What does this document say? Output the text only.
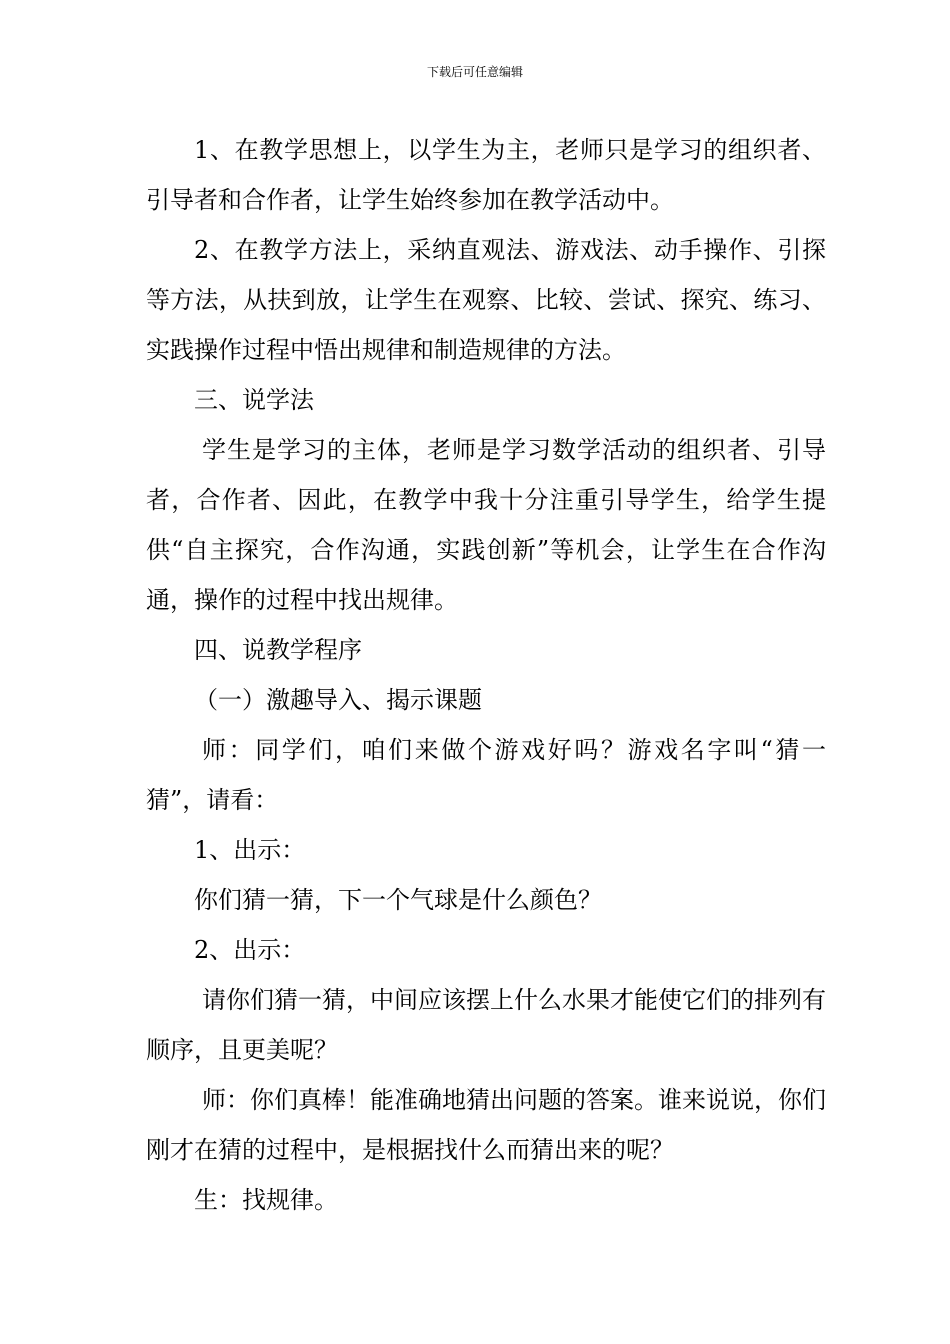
下载后可任意编辑

1、在教学思想上，以学生为主，老师只是学习的组织者、引导者和合作者，让学生始终参加在教学活动中。

2、在教学方法上，采纳直观法、游戏法、动手操作、引探等方法，从扶到放，让学生在观察、比较、尝试、探究、练习、实践操作过程中悟出规律和制造规律的方法。

三、说学法

学生是学习的主体，老师是学习数学活动的组织者、引导者，合作者、因此，在教学中我十分注重引导学生，给学生提供“自主探究，合作沟通，实践创新”等机会，让学生在合作沟通，操作的过程中找出规律。

四、说教学程序

（一）激趣导入、揭示课题

师：同学们，咱们来做个游戏好吗？游戏名字叫“猜一猜”，请看：

1、出示：

你们猜一猜，下一个气球是什么颜色？

2、出示：

请你们猜一猜，中间应该摆上什么水果才能使它们的排列有顺序，且更美呢？

师：你们真棒！能准确地猜出问题的答案。谁来说说，你们刚才在猜的过程中，是根据找什么而猜出来的呢？

生：找规律。
